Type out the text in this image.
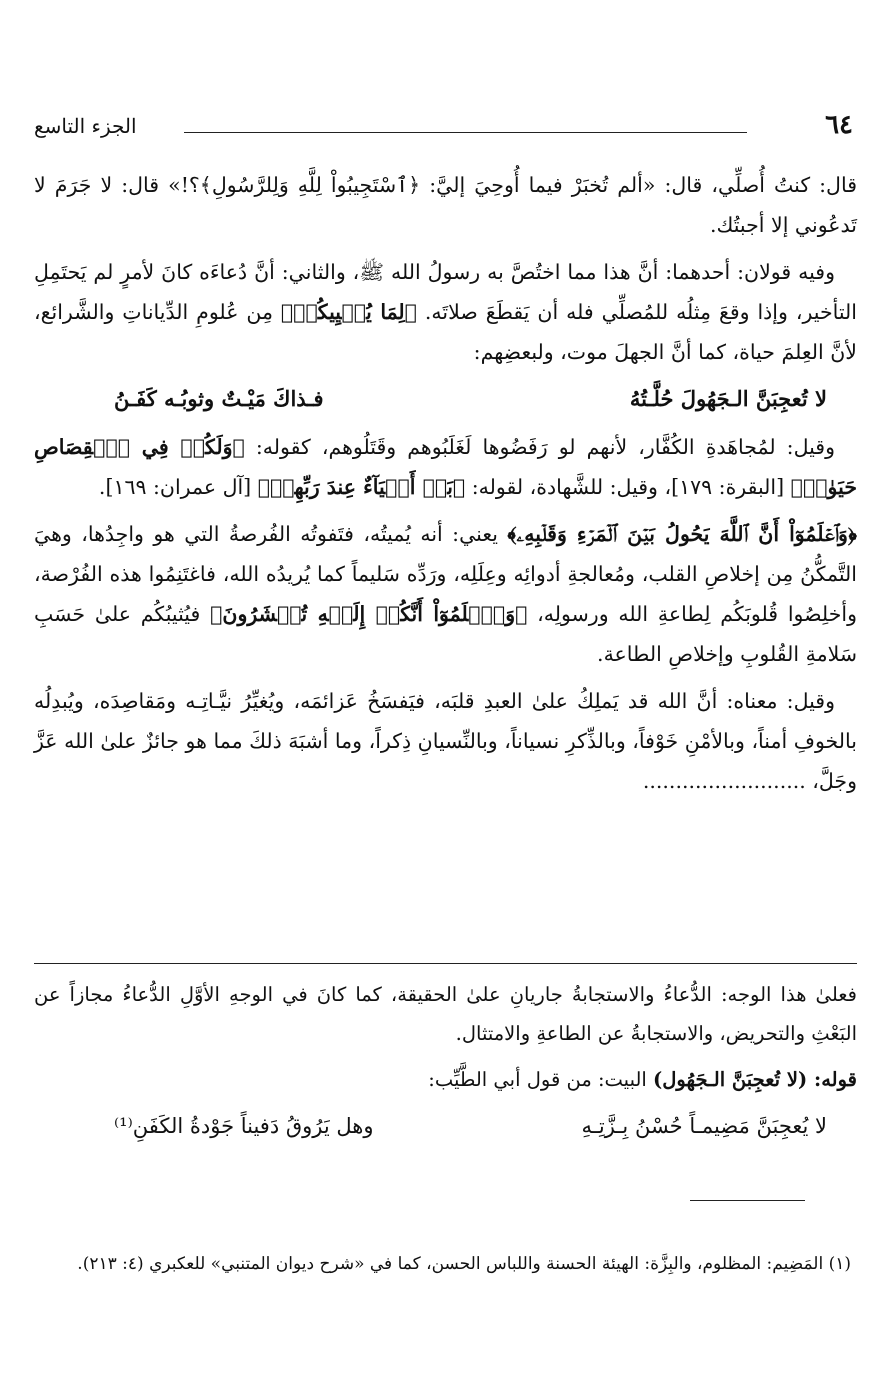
٦٤
الجزء التاسع

قال: كنتُ أُصلِّي، قال: «ألم تُخبَرْ فيما أُوحِيَ إليَّ: ﴿ٱسْتَجِيبُواْ لِلَّهِ وَلِلرَّسُولِ﴾؟!» قال: لا جَرَمَ لا تَدعُوني إلا أجبتُك.

وفيه قولان: أحدهما: أنَّ هذا مما اختُصَّ به رسولُ الله ﷺ، والثاني: أنَّ دُعاءَه كانَ لأمرٍ لم يَحتَمِلِ التأخير، وإذا وقعَ مِثلُه للمُصلِّي فله أن يَقطَعَ صلاتَه. ﴿لِمَا يُحۡيِيكُمۡ﴾ مِن عُلومِ الدِّياناتِ والشَّرائع، لأنَّ العِلمَ حياة، كما أنَّ الجهلَ موت، ولبعضِهم:

لا تُعجِبَنَّ الـجَهُولَ حُلَّـتُهُ
فـذاكَ مَيْـتٌ وثوبُـه كَفَـنُ

وقيل: لمُجاهَدةِ الكُفَّار، لأنهم لو رَفَضُوها لَغَلَبُوهم وقَتَلُوهم، كقوله: ﴿وَلَكُمۡ فِي ٱلۡقِصَاصِ حَيَوٰةٞ﴾ [البقرة: ١٧٩]، وقيل: للشَّهادة، لقوله: ﴿بَلۡ أَحۡيَآءٌ عِندَ رَبِّهِمۡ﴾ [آل عمران: ١٦٩].

﴿وَٱعۡلَمُوٓاْ أَنَّ ٱللَّهَ يَحُولُ بَيۡنَ ٱلۡمَرۡءِ وَقَلۡبِهِۦ﴾ يعني: أنه يُميتُه، فتَفوتُه الفُرصةُ التي هو واجِدُها، وهيَ التَّمكُّنُ مِن إخلاصِ القلب، ومُعالجةِ أدوائِه وعِلَلِه، ورَدِّه سَليماً كما يُريدُه الله، فاغتَنِمُوا هذه الفُرْصة، وأخلِصُوا قُلوبَكُم لِطاعةِ الله ورسولِه، ﴿وَٱعۡلَمُوٓاْ أَنَّكُمۡ إِلَيۡهِ تُحۡشَرُونَ﴾ فيُثيبُكُم علىٰ حَسَبِ سَلامةِ القُلوبِ وإخلاصِ الطاعة.

وقيل: معناه: أنَّ الله قد يَملِكُ علىٰ العبدِ قلبَه، فيَفسَخُ عَزائمَه، ويُغيِّرُ نيَّـاتِـه ومَقاصِدَه، ويُبدِلُه بالخوفِ أمناً، وبالأمْنِ خَوْفاً، وبالذِّكرِ نسياناً، وبالنِّسيانِ ذِكراً، وما أشبَهَ ذلكَ مما هو جائزٌ علىٰ الله عَزَّ وجَلَّ، .........................

فعلىٰ هذا الوجه: الدُّعاءُ والاستجابةُ جاريانِ علىٰ الحقيقة، كما كانَ في الوجهِ الأوَّلِ الدُّعاءُ مجازاً عن البَعْثِ والتحريض، والاستجابةُ عن الطاعةِ والامتثال.

قوله: (لا تُعجِبَنَّ الـجَهُول) البيت: من قول أبي الطَّيِّب:

لا يُعجِبَنَّ مَضِيمـاً حُسْنُ بِـزَّتِـهِ
وهل يَرُوقُ دَفيناً جَوْدةُ الكَفَنِ⁽¹⁾

(١) المَضِيم: المظلوم، والبِزَّة: الهيئة الحسنة واللباس الحسن، كما في «شرح ديوان المتنبي» للعكبري (٤: ٢١٣).
